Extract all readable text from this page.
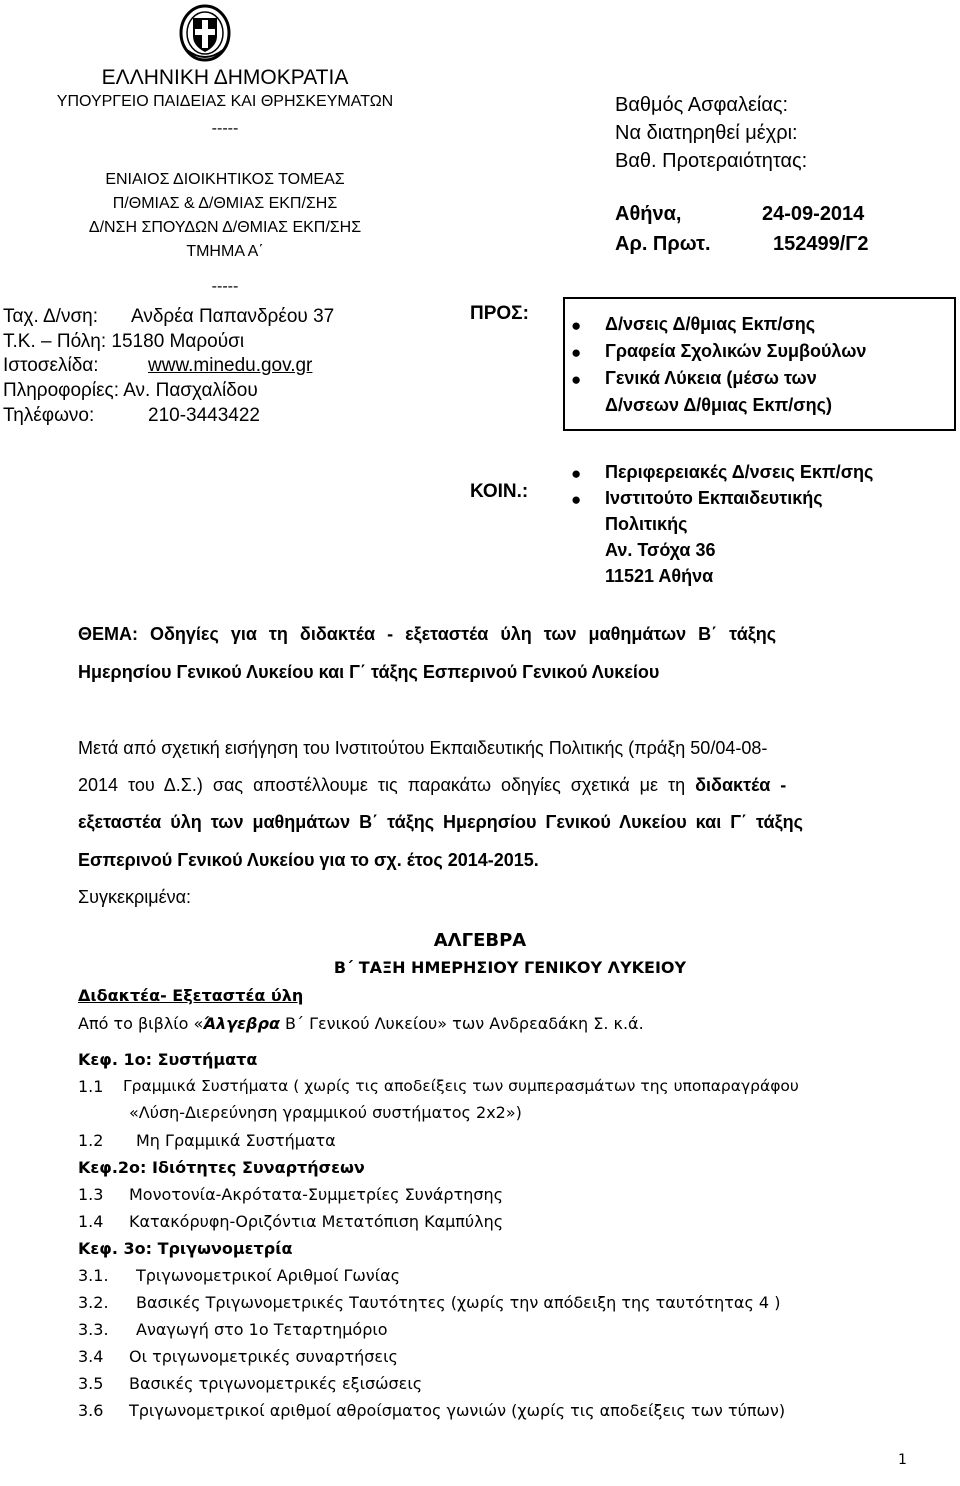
ΕΛΛΗΝΙΚΗ ΔΗΜΟΚΡΑΤΙΑ
ΥΠΟΥΡΓΕΙΟ ΠΑΙΔΕΙΑΣ ΚΑΙ ΘΡΗΣΚΕΥΜΑΤΩΝ
-----
ΕΝΙΑΙΟΣ ΔΙΟΙΚΗΤΙΚΟΣ ΤΟΜΕΑΣ
Π/ΘΜΙΑΣ & Δ/ΘΜΙΑΣ ΕΚΠ/ΣΗΣ
Δ/ΝΣΗ ΣΠΟΥΔΩΝ Δ/ΘΜΙΑΣ ΕΚΠ/ΣΗΣ
ΤΜΗΜΑ Α΄
-----
Ταχ. Δ/νση: Ανδρέα Παπανδρέου 37
Τ.Κ. – Πόλη: 15180 Μαρούσι
Ιστοσελίδα:	www.minedu.gov.gr
Πληροφορίες: Αν. Πασχαλίδου
Τηλέφωνο:	210-3443422
Βαθμός Ασφαλείας:
Να διατηρηθεί μέχρι:
Βαθ. Προτεραιότητας:
Αθήνα,	24-09-2014
Αρ. Πρωτ.	152499/Γ2
ΠΡΟΣ:
● Δ/νσεις Δ/θμιας Εκπ/σης
● Γραφεία Σχολικών Συμβούλων
● Γενικά Λύκεια (μέσω των
Δ/νσεων Δ/θμιας Εκπ/σης)
ΚΟΙΝ.:
● Περιφερειακές Δ/νσεις Εκπ/σης
● Ινστιτούτο Εκπαιδευτικής
Πολιτικής
Αν. Τσόχα 36
11521 Αθήνα
ΘΕΜΑ: Οδηγίες για τη διδακτέα - εξεταστέα ύλη των μαθημάτων Β΄ τάξης
Ημερησίου Γενικού Λυκείου και Γ΄ τάξης Εσπερινού Γενικού Λυκείου
Μετά από σχετική εισήγηση του Ινστιτούτου Εκπαιδευτικής Πολιτικής (πράξη 50/04-08-
2014 του Δ.Σ.) σας αποστέλλουμε τις παρακάτω οδηγίες σχετικά με τη διδακτέα -
εξεταστέα ύλη των μαθημάτων Β΄ τάξης Ημερησίου Γενικού Λυκείου και Γ΄ τάξης
Εσπερινού Γενικού Λυκείου για το σχ. έτος 2014-2015.
Συγκεκριμένα:
ΑΛΓΕΒΡΑ
Β΄ ΤΑΞΗ ΗΜΕΡΗΣΙΟΥ ΓΕΝΙΚΟΥ ΛΥΚΕΙΟΥ
Διδακτέα- Εξεταστέα ύλη
Από το βιβλίο «Άλγεβρα Β΄ Γενικού Λυκείου» των Ανδρεαδάκη Σ. κ.ά.
Κεφ. 1ο: Συστήματα
1.1 Γραμμικά Συστήματα ( χωρίς τις αποδείξεις των συμπερασμάτων της υποπαραγράφου
«Λύση-Διερεύνηση γραμμικού συστήματος 2x2»)
1.2 Μη Γραμμικά Συστήματα
Κεφ.2ο: Ιδιότητες Συναρτήσεων
1.3 Μονοτονία-Ακρότατα-Συμμετρίες Συνάρτησης
1.4 Κατακόρυφη-Οριζόντια Μετατόπιση Καμπύλης
Κεφ. 3ο: Τριγωνομετρία
3.1. Τριγωνομετρικοί Αριθμοί Γωνίας
3.2. Βασικές Τριγωνομετρικές Ταυτότητες (χωρίς την απόδειξη της ταυτότητας 4 )
3.3. Αναγωγή στο 1ο Τεταρτημόριο
3.4 Οι τριγωνομετρικές συναρτήσεις
3.5 Βασικές τριγωνομετρικές εξισώσεις
3.6 Τριγωνομετρικοί αριθμοί αθροίσματος γωνιών (χωρίς τις αποδείξεις των τύπων)
1
